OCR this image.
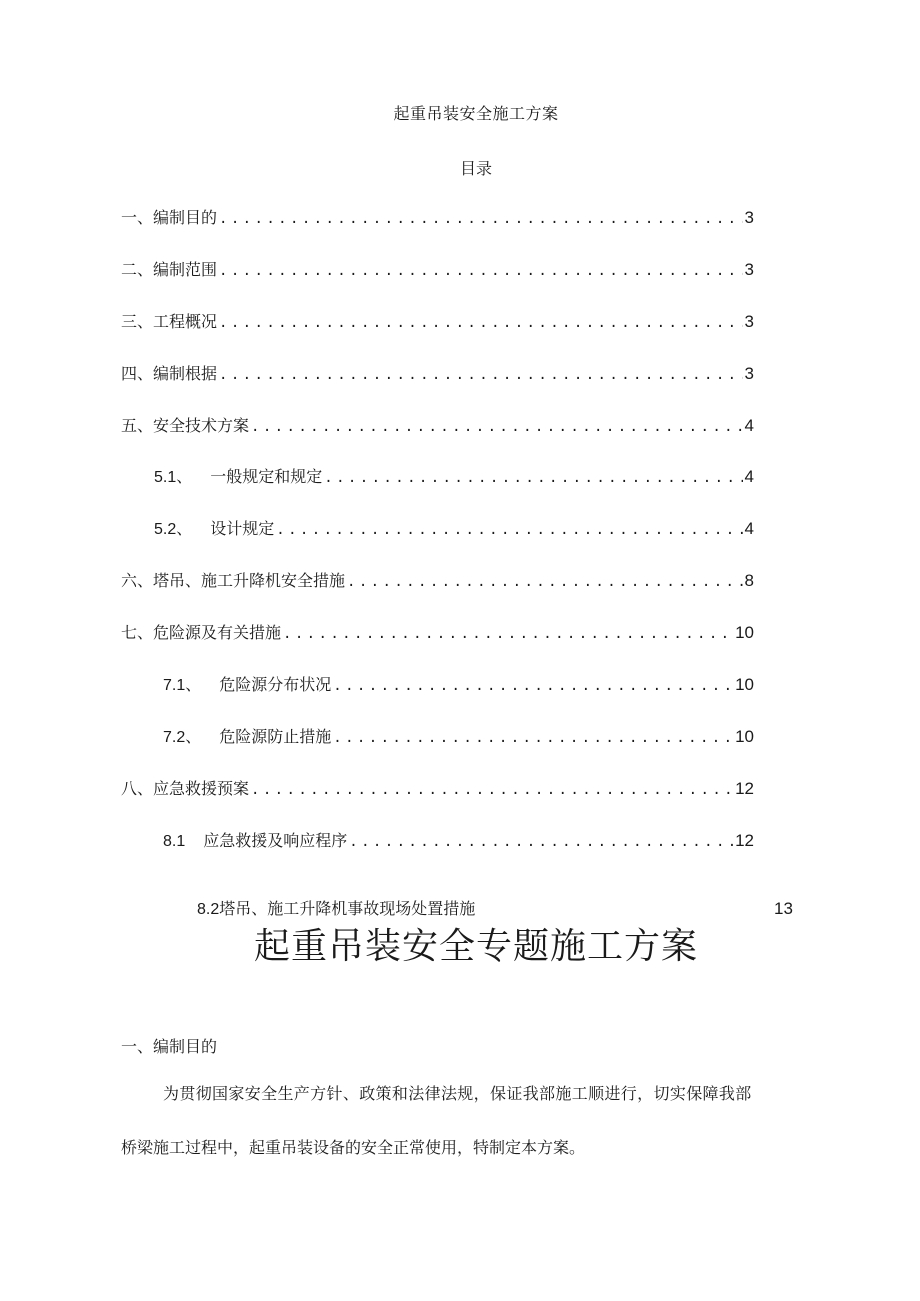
起重吊装安全施工方案
目录
一、编制目的 .....	3
二、编制范围 .....	3
三、工程概况 .....	3
四、编制根据 .....	3
五、安全技术方案 .....	4
5.1、 一般规定和规定 .....	4
5.2、 设计规定 .....	4
六、塔吊、施工升降机安全措施 .....	8
七、危险源及有关措施 .....	10
7.1、 危险源分布状况 .....	10
7.2、 危险源防止措施 .....	10
八、应急救援预案 .....	12
8.1 应急救援及响应程序 .....	12
8.2塔吊、施工升降机事故现场处置措施	13
起重吊装安全专题施工方案
一、编制目的
为贯彻国家安全生产方针、政策和法律法规，保证我部施工顺进行，切实保障我部
桥梁施工过程中，起重吊装设备的安全正常使用，特制定本方案。
